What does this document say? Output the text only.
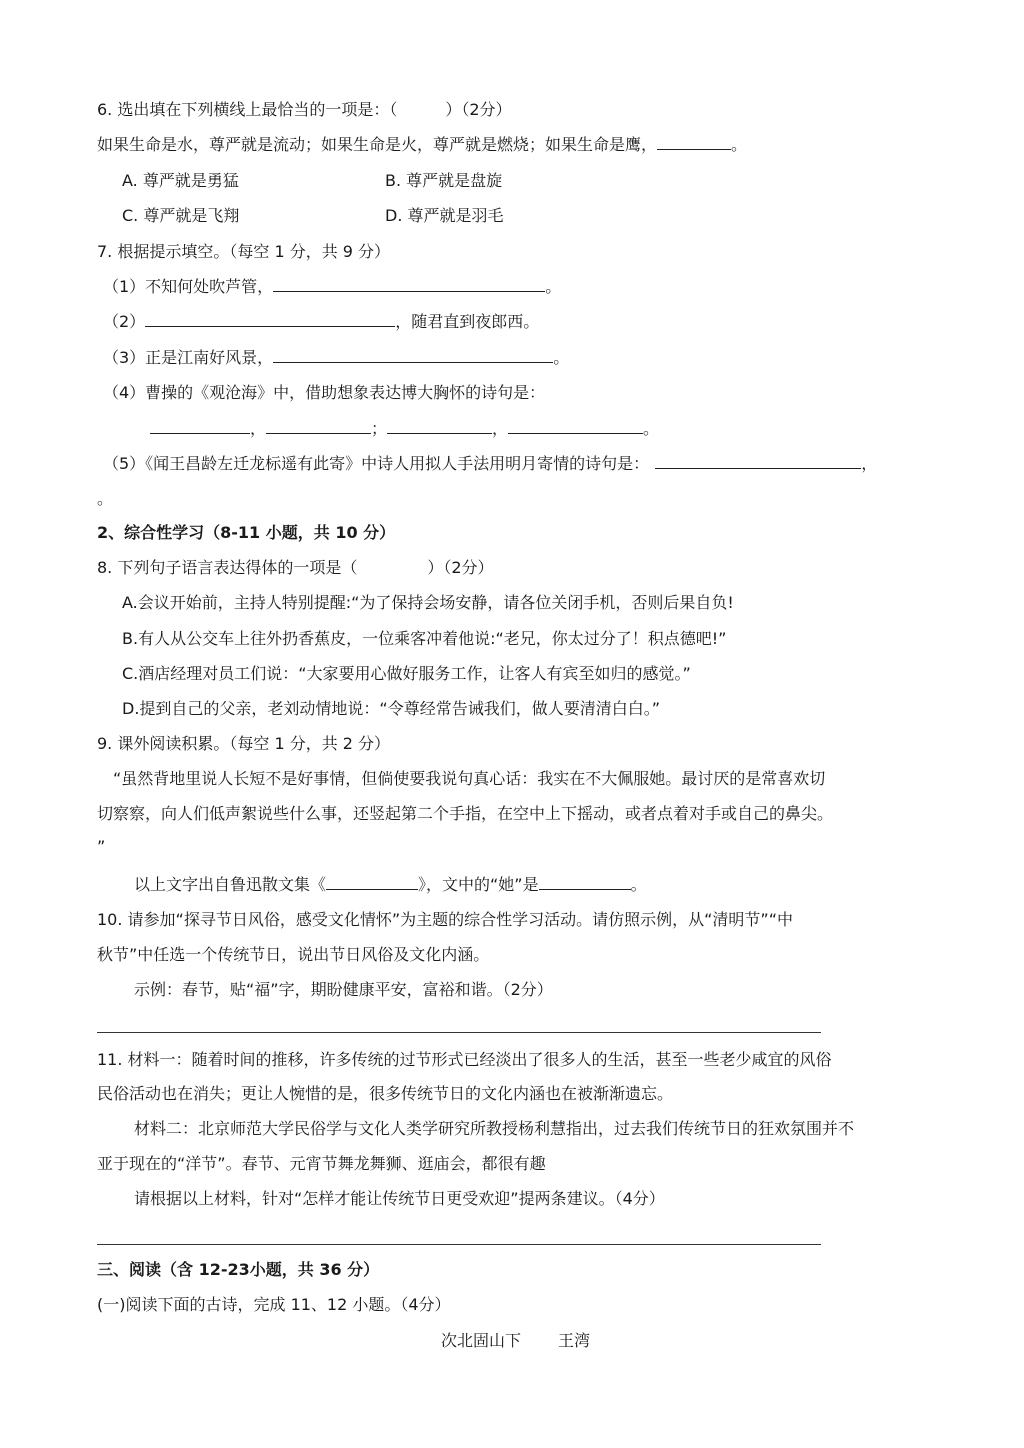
6. 选出填在下列横线上最恰当的一项是：（　　　）（2分）
如果生命是水，尊严就是流动；如果生命是火，尊严就是燃烧；如果生命是鹰，	。
A. 尊严就是勇猛	B. 尊严就是盘旋
C. 尊严就是飞翔	D. 尊严就是羽毛
7. 根据提示填空。（每空 1 分，共 9 分）
（1）不知何处吹芦管，	。
（2）	，随君直到夜郎西。
（3）正是江南好风景，	。
（4）曹操的《观沧海》中，借助想象表达博大胸怀的诗句是：
，	；	，	。
（5）《闻王昌龄左迁龙标遥有此寄》中诗人用拟人手法用明月寄情的诗句是：	，
。
2、综合性学习（8-11 小题，共 10 分）
8. 下列句子语言表达得体的一项是（	）（2分）
A.会议开始前，主持人特别提醒:“为了保持会场安静，请各位关闭手机，否则后果自负!
B.有人从公交车上往外扔香蕉皮，一位乘客冲着他说:“老兄，你太过分了！积点德吧!”
C.酒店经理对员工们说：“大家要用心做好服务工作，让客人有宾至如归的感觉。”
D.提到自己的父亲，老刘动情地说：“令尊经常告诫我们，做人要清清白白。”
9. 课外阅读积累。（每空 1 分，共 2 分）
“虽然背地里说人长短不是好事情，但倘使要我说句真心话：我实在不大佩服她。最讨厌的是常喜欢切
切察察，向人们低声絮说些什么事，还竖起第二个手指，在空中上下摇动，或者点着对手或自己的鼻尖。
”
以上文字出自鲁迅散文集《	》，文中的“她”是	。
10. 请参加“探寻节日风俗，感受文化情怀”为主题的综合性学习活动。请仿照示例，从“清明节”“中
秋节”中任选一个传统节日，说出节日风俗及文化内涵。
示例：春节，贴“福”字，期盼健康平安，富裕和谐。（2分）
11. 材料一：随着时间的推移，许多传统的过节形式已经淡出了很多人的生活，甚至一些老少咸宜的风俗
民俗活动也在消失；更让人惋惜的是，很多传统节日的文化内涵也在被渐渐遗忘。
材料二：北京师范大学民俗学与文化人类学研究所教授杨利慧指出，过去我们传统节日的狂欢氛围并不
亚于现在的“洋节”。春节、元宵节舞龙舞狮、逛庙会，都很有趣
请根据以上材料，针对“怎样才能让传统节日更受欢迎”提两条建议。（4分）
三、阅读（含 12-23小题，共 36 分）
(一)阅读下面的古诗，完成 11、12 小题。（4分）
次北固山下 王湾
